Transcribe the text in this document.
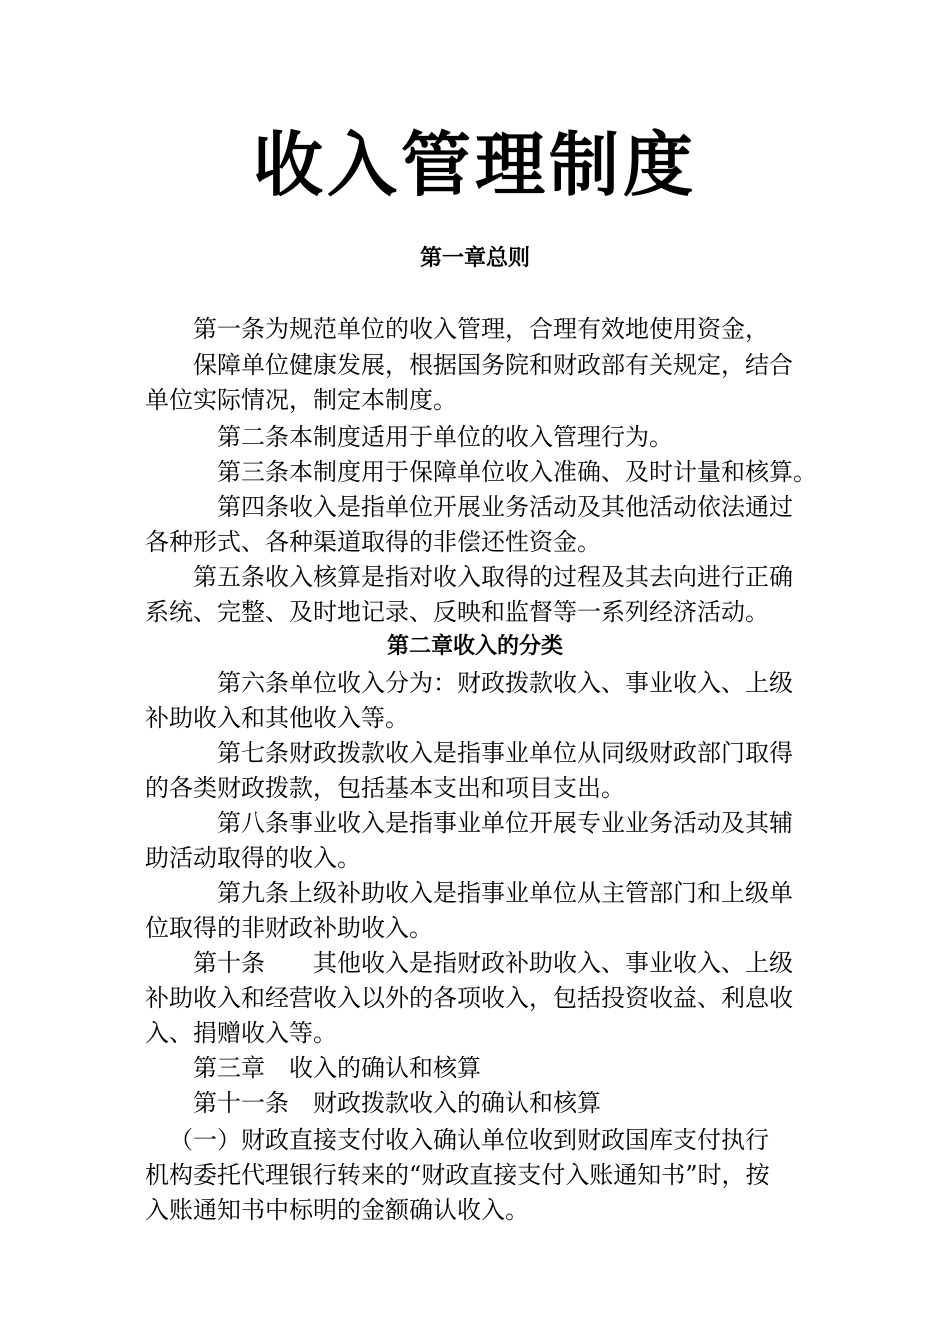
收入管理制度
第一章总则
第一条为规范单位的收入管理，合理有效地使用资金，
保障单位健康发展，根据国务院和财政部有关规定，结合
单位实际情况，制定本制度。
第二条本制度适用于单位的收入管理行为。
第三条本制度用于保障单位收入准确、及时计量和核算。
第四条收入是指单位开展业务活动及其他活动依法通过
各种形式、各种渠道取得的非偿还性资金。
第五条收入核算是指对收入取得的过程及其去向进行正确
系统、完整、及时地记录、反映和监督等一系列经济活动。
第二章收入的分类
第六条单位收入分为：财政拨款收入、事业收入、上级
补助收入和其他收入等。
第七条财政拨款收入是指事业单位从同级财政部门取得
的各类财政拨款，包括基本支出和项目支出。
第八条事业收入是指事业单位开展专业业务活动及其辅
助活动取得的收入。
第九条上级补助收入是指事业单位从主管部门和上级单
位取得的非财政补助收入。
第十条　　其他收入是指财政补助收入、事业收入、上级
补助收入和经营收入以外的各项收入，包括投资收益、利息收
入、捐赠收入等。
第三章　收入的确认和核算
第十一条　财政拨款收入的确认和核算
（一）财政直接支付收入确认单位收到财政国库支付执行
机构委托代理银行转来的“财政直接支付入账通知书”时，按
入账通知书中标明的金额确认收入。
